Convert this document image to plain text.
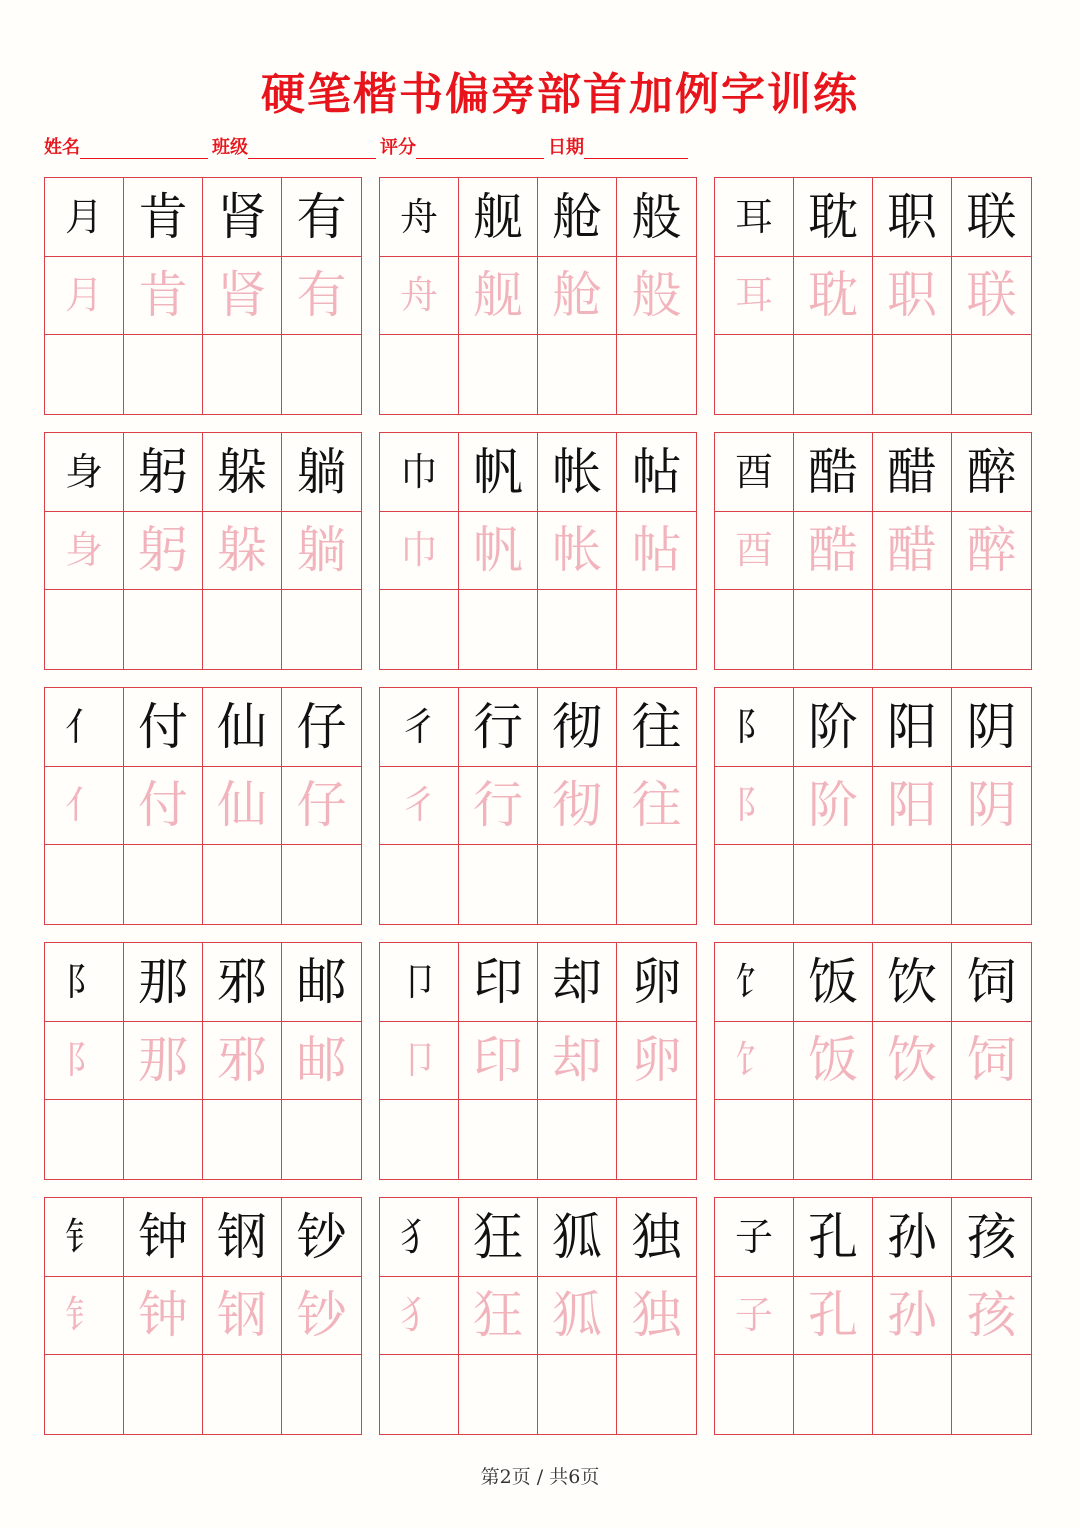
硬笔楷书偏旁部首加例字训练
姓名	班级	评分	日期
月 肯 肾 有
月 肯 肾 有
舟 舰 舱 般
舟 舰 舱 般
耳 耽 职 联
耳 耽 职 联
身 躬 躲 躺
身 躬 躲 躺
巾 帆 帐 帖
巾 帆 帐 帖
酉 酷 醋 醉
酉 酷 醋 醉
亻 付 仙 仔
亻 付 仙 仔
彳 行 彻 往
彳 行 彻 往
阝 阶 阳 阴
阝 阶 阳 阴
阝 那 邪 邮
阝 那 邪 邮
卩 印 却 卵
卩 印 却 卵
饣 饭 饮 饲
饣 饭 饮 饲
钅 钟 钢 钞
钅 钟 钢 钞
犭 狂 狐 独
犭 狂 狐 独
子 孔 孙 孩
子 孔 孙 孩
第2页 / 共6页
